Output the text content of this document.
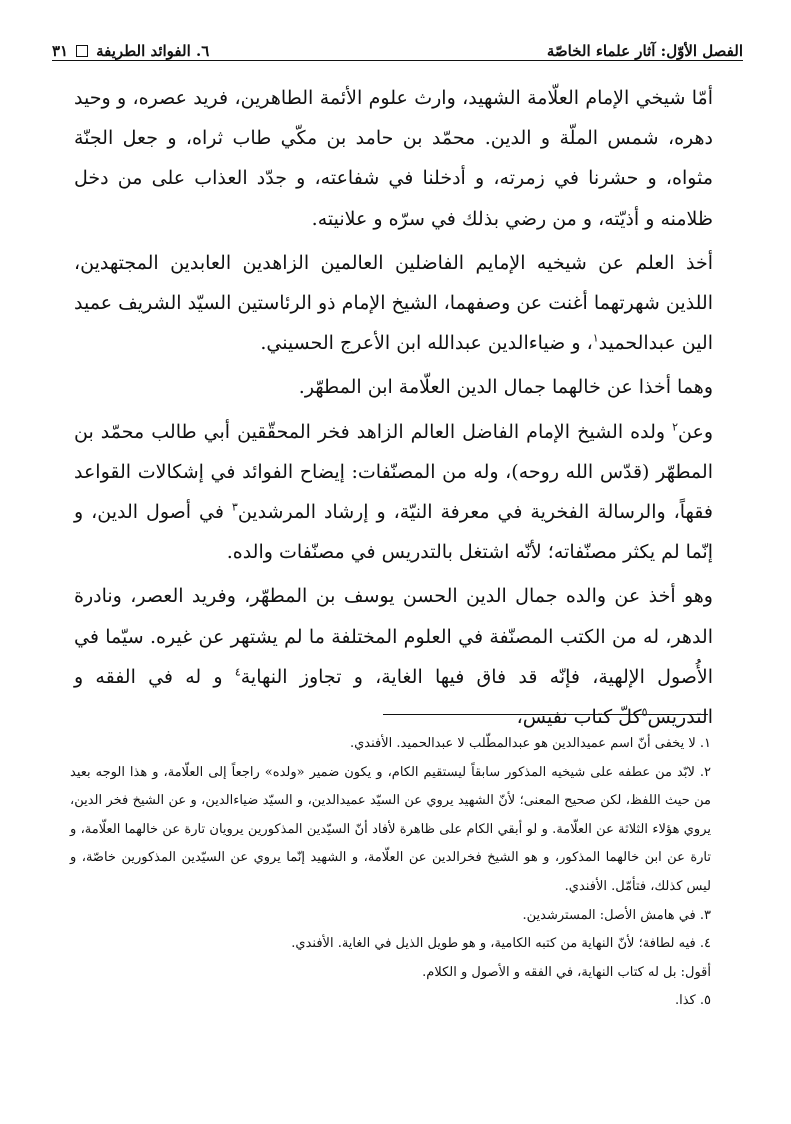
الفصل الأوّل: آثار علماء الخاصّة
٦. الفوائد الطريفة
٣١

أمّا شيخي الإمام العلّامة الشهيد، وارث علوم الأئمة الطاهرين، فريد عصره، و وحيد دهره، شمس الملّة و الدين. محمّد بن حامد بن مكّي طاب ثراه، و جعل الجنّة مثواه، و حشرنا في زمرته، و أدخلنا في شفاعته، و جدّد العذاب على من دخل ظلامنه و أذيّته، و من رضي بذلك في سرّه و علانيته.

أخذ العلم عن شيخيه الإمايم الفاضلين العالمين الزاهدين العابدين المجتهدين، اللذين شهرتهما أغنت عن وصفهما، الشيخ الإمام ذو الرئاستين السيّد الشريف عميد الين عبدالحميد$^١$، و ضياءالدين عبدالله ابن الأعرج الحسيني.

وهما أخذا عن خالهما جمال الدين العلّامة ابن المطهّر.

وعن$^٢$ ولده الشيخ الإمام الفاضل العالم الزاهد فخر المحقّقين أبي طالب محمّد بن المطهّر (قدّس الله روحه)، وله من المصنّفات: إيضاح الفوائد في إشكالات القواعد فقهاً، والرسالة الفخرية في معرفة النيّة، و إرشاد المرشدين$^٣$ في أصول الدين، و إنّما لم يكثر مصنّفاته؛ لأنّه اشتغل بالتدريس في مصنّفات والده.

وهو أخذ عن والده جمال الدين الحسن يوسف بن المطهّر، وفريد العصر، ونادرة الدهر، له من الكتب المصنّفة في العلوم المختلفة ما لم يشتهر عن غيره. سيّما في الأُصول الإلهية، فإنّه قد فاق فيها الغاية، و تجاوز النهاية$^٤$ و له في الفقه و التدريس$^٥$كلّ كتاب نفيس،

١. لا يخفى أنّ اسم عميدالدين هو عبدالمطّلب لا عبدالحميد. الأفندي.

٢. لابّد من عطفه على شيخيه المذكور سابقاً ليستقيم الكام، و يكون ضمير «ولده» راجعاً إلى العلّامة، و هذا الوجه بعيد من حيث اللفظ، لكن صحيح المعنى؛ لأنّ الشهيد يروي عن السيّد عميدالدين، و السيّد ضياءالدين، و عن الشيخ فخر الدين، يروي هؤلاء الثلاثة عن العلّامة. و لو أبقي الكام على ظاهرة لأفاد أنّ السيّدين المذكورين يرويان تارة عن خالهما العلّامة، و تارة عن ابن خالهما المذكور، و هو الشيخ فخرالدين عن العلّامة، و الشهيد إنّما يروي عن السيّدين المذكورين خاصّة، و ليس كذلك، فتأمّل. الأفندي.

٣. في هامش الأصل: المسترشدين.

٤. فيه لطافة؛ لأنّ النهاية من كتبه الكامية، و هو طويل الذيل في الغاية. الأفندي.

أقول: بل له كتاب النهاية، في الفقه و الأصول و الكلام.

٥. كذا.
